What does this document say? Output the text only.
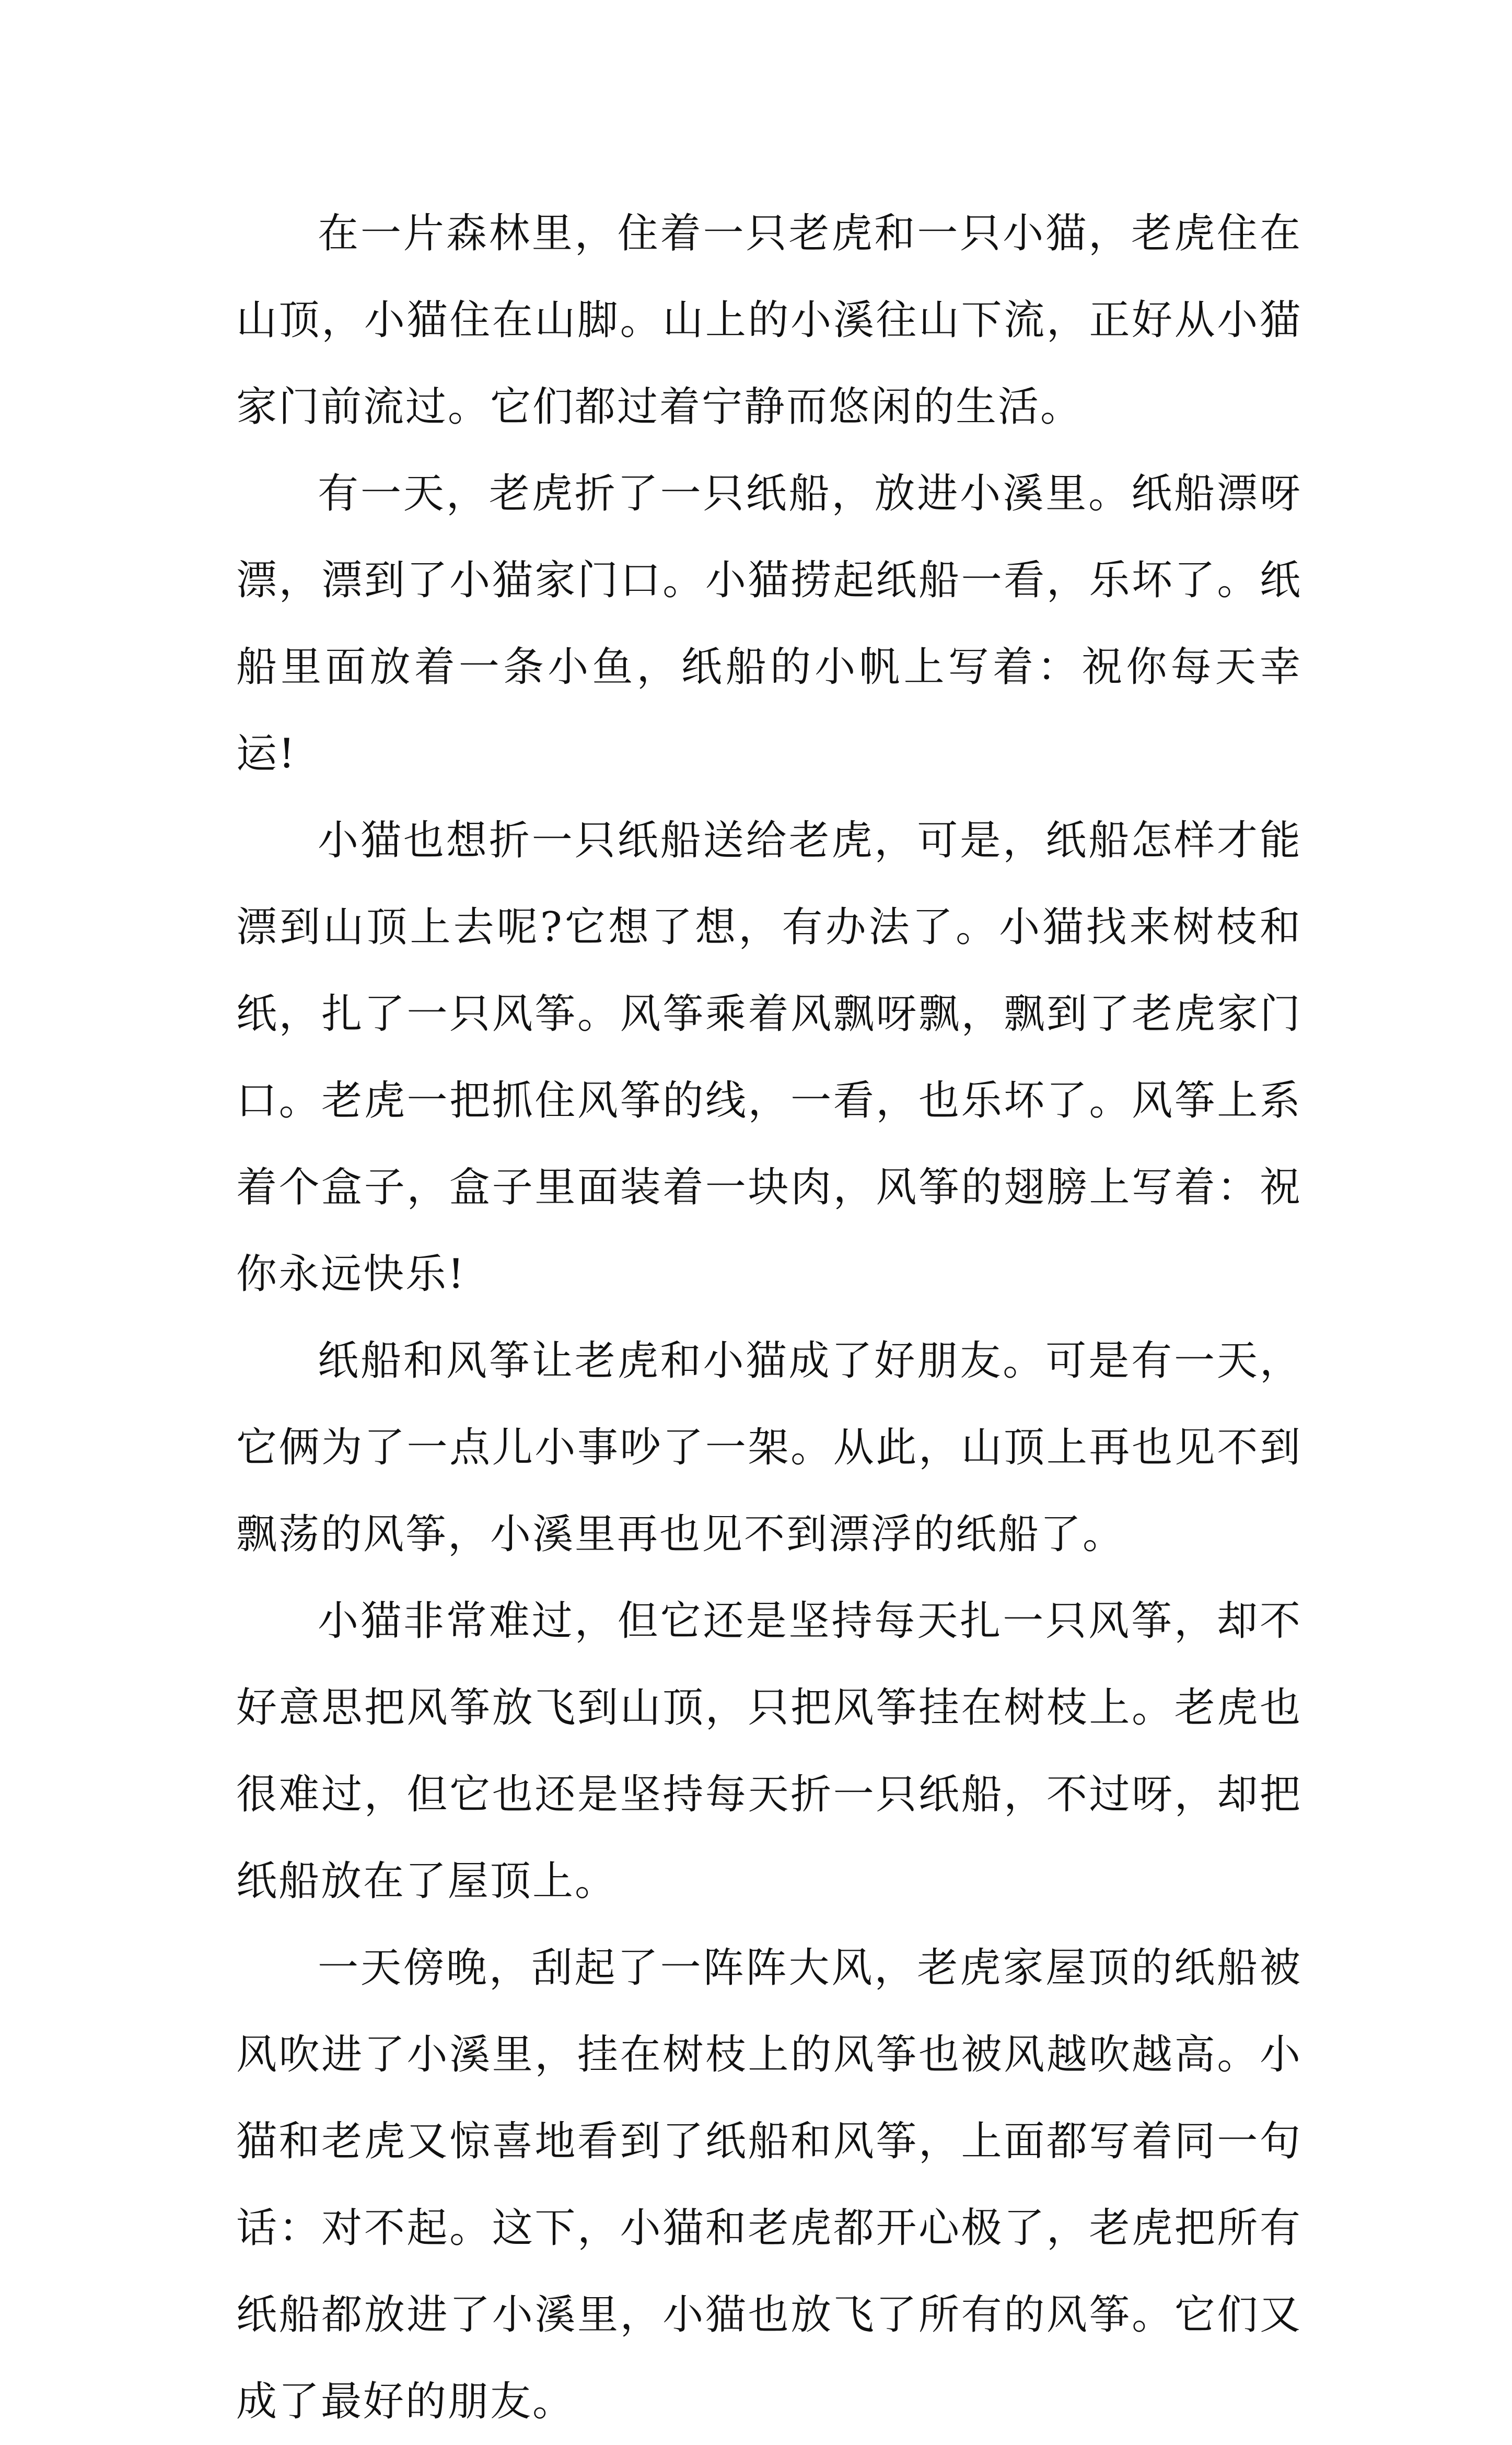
在一片森林里，住着一只老虎和一只小猫，老虎住在山顶，小猫住在山脚。山上的小溪往山下流，正好从小猫家门前流过。它们都过着宁静而悠闲的生活。

有一天，老虎折了一只纸船，放进小溪里。纸船漂呀漂，漂到了小猫家门口。小猫捞起纸船一看，乐坏了。纸船里面放着一条小鱼，纸船的小帆上写着：祝你每天幸运!

小猫也想折一只纸船送给老虎，可是，纸船怎样才能漂到山顶上去呢?它想了想，有办法了。小猫找来树枝和纸，扎了一只风筝。风筝乘着风飘呀飘，飘到了老虎家门口。老虎一把抓住风筝的线，一看，也乐坏了。风筝上系着个盒子，盒子里面装着一块肉，风筝的翅膀上写着：祝你永远快乐!

纸船和风筝让老虎和小猫成了好朋友。可是有一天，它俩为了一点儿小事吵了一架。从此，山顶上再也见不到飘荡的风筝，小溪里再也见不到漂浮的纸船了。

小猫非常难过，但它还是坚持每天扎一只风筝，却不好意思把风筝放飞到山顶，只把风筝挂在树枝上。老虎也很难过，但它也还是坚持每天折一只纸船，不过呀，却把纸船放在了屋顶上。

一天傍晚，刮起了一阵阵大风，老虎家屋顶的纸船被风吹进了小溪里，挂在树枝上的风筝也被风越吹越高。小猫和老虎又惊喜地看到了纸船和风筝，上面都写着同一句话：对不起。这下，小猫和老虎都开心极了，老虎把所有纸船都放进了小溪里，小猫也放飞了所有的风筝。它们又成了最好的朋友。
